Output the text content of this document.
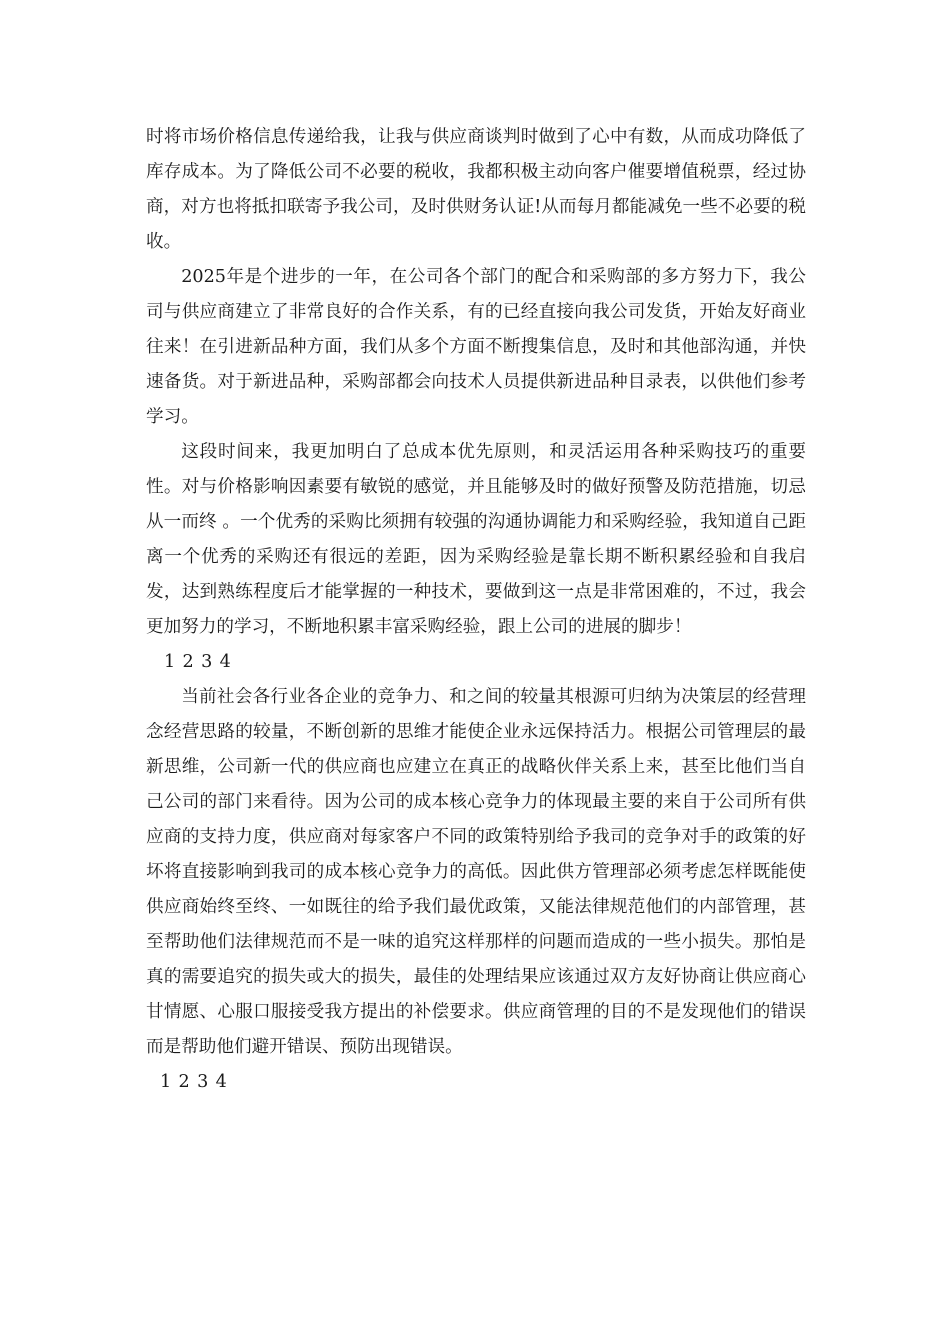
时将市场价格信息传递给我，让我与供应商谈判时做到了心中有数，从而成功降低了库存成本。为了降低公司不必要的税收，我都积极主动向客户催要增值税票，经过协商，对方也将抵扣联寄予我公司，及时供财务认证!从而每月都能减免一些不必要的税收。

2025年是个进步的一年，在公司各个部门的配合和采购部的多方努力下，我公司与供应商建立了非常良好的合作关系，有的已经直接向我公司发货，开始友好商业往来！在引进新品种方面，我们从多个方面不断搜集信息，及时和其他部沟通，并快速备货。对于新进品种，采购部都会向技术人员提供新进品种目录表，以供他们参考学习。

这段时间来，我更加明白了总成本优先原则，和灵活运用各种采购技巧的重要性。对与价格影响因素要有敏锐的感觉，并且能够及时的做好预警及防范措施，切忌 从一而终 。一个优秀的采购比须拥有较强的沟通协调能力和采购经验，我知道自己距离一个优秀的采购还有很远的差距，因为采购经验是靠长期不断积累经验和自我启发，达到熟练程度后才能掌握的一种技术，要做到这一点是非常困难的，不过，我会更加努力的学习，不断地积累丰富采购经验，跟上公司的进展的脚步！

1 2 3 4

当前社会各行业各企业的竞争力、和之间的较量其根源可归纳为决策层的经营理念经营思路的较量，不断创新的思维才能使企业永远保持活力。根据公司管理层的最新思维，公司新一代的供应商也应建立在真正的战略伙伴关系上来，甚至比他们当自己公司的部门来看待。因为公司的成本核心竞争力的体现最主要的来自于公司所有供应商的支持力度，供应商对每家客户不同的政策特别给予我司的竞争对手的政策的好坏将直接影响到我司的成本核心竞争力的高低。因此供方管理部必须考虑怎样既能使供应商始终至终、一如既往的给予我们最优政策，又能法律规范他们的内部管理，甚至帮助他们法律规范而不是一味的追究这样那样的问题而造成的一些小损失。那怕是真的需要追究的损失或大的损失，最佳的处理结果应该通过双方友好协商让供应商心甘情愿、心服口服接受我方提出的补偿要求。供应商管理的目的不是发现他们的错误而是帮助他们避开错误、预防出现错误。

1 2 3 4
